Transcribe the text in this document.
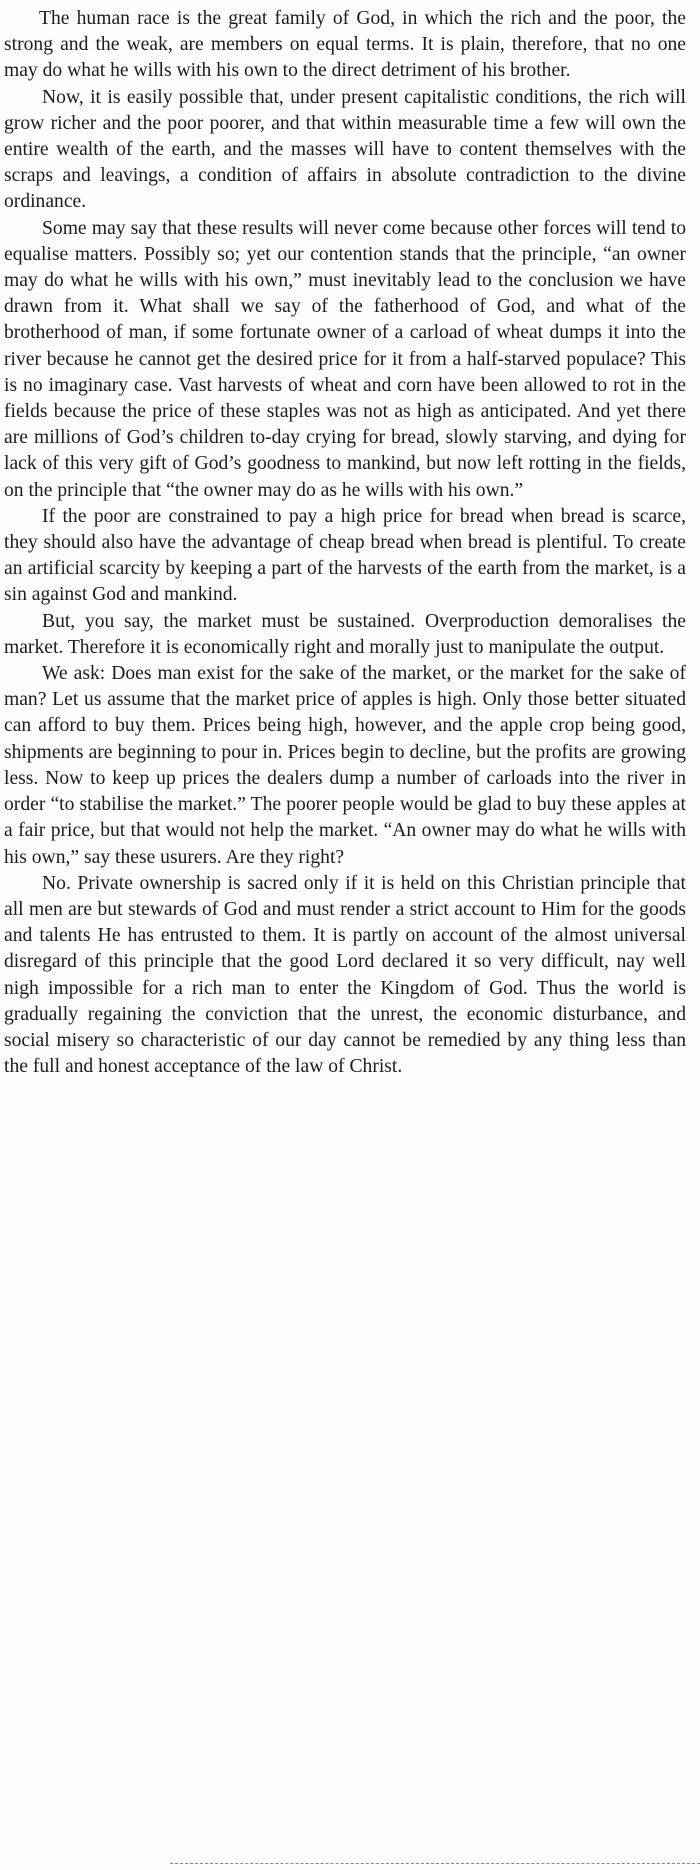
The human race is the great family of God, in which the rich and the poor, the strong and the weak, are members on equal terms. It is plain, therefore, that no one may do what he wills with his own to the direct detriment of his brother.

Now, it is easily possible that, under present capitalistic conditions, the rich will grow richer and the poor poorer, and that within measurable time a few will own the entire wealth of the earth, and the masses will have to content themselves with the scraps and leavings, a condition of affairs in absolute contradiction to the divine ordinance.

Some may say that these results will never come because other forces will tend to equalise matters. Possibly so; yet our contention stands that the principle, “an owner may do what he wills with his own,” must inevitably lead to the conclusion we have drawn from it. What shall we say of the fatherhood of God, and what of the brotherhood of man, if some fortunate owner of a carload of wheat dumps it into the river because he cannot get the desired price for it from a half-starved populace? This is no imaginary case. Vast harvests of wheat and corn have been allowed to rot in the fields because the price of these staples was not as high as anticipated. And yet there are millions of God’s children to-day crying for bread, slowly starving, and dying for lack of this very gift of God’s goodness to mankind, but now left rotting in the fields, on the principle that “the owner may do as he wills with his own.”

If the poor are constrained to pay a high price for bread when bread is scarce, they should also have the advantage of cheap bread when bread is plentiful. To create an artificial scarcity by keeping a part of the harvests of the earth from the market, is a sin against God and mankind.

But, you say, the market must be sustained. Overproduction demoralises the market. Therefore it is economically right and morally just to manipulate the output.

We ask: Does man exist for the sake of the market, or the market for the sake of man? Let us assume that the market price of apples is high. Only those better situated can afford to buy them. Prices being high, however, and the apple crop being good, shipments are beginning to pour in. Prices begin to decline, but the profits are growing less. Now to keep up prices the dealers dump a number of carloads into the river in order “to stabilise the market.” The poorer people would be glad to buy these apples at a fair price, but that would not help the market. “An owner may do what he wills with his own,” say these usurers. Are they right?

No. Private ownership is sacred only if it is held on this Christian principle that all men are but stewards of God and must render a strict account to Him for the goods and talents He has entrusted to them. It is partly on account of the almost universal disregard of this principle that the good Lord declared it so very difficult, nay well nigh impossible for a rich man to enter the Kingdom of God. Thus the world is gradually regaining the conviction that the unrest, the economic disturbance, and social misery so characteristic of our day cannot be remedied by any thing less than the full and honest acceptance of the law of Christ.
